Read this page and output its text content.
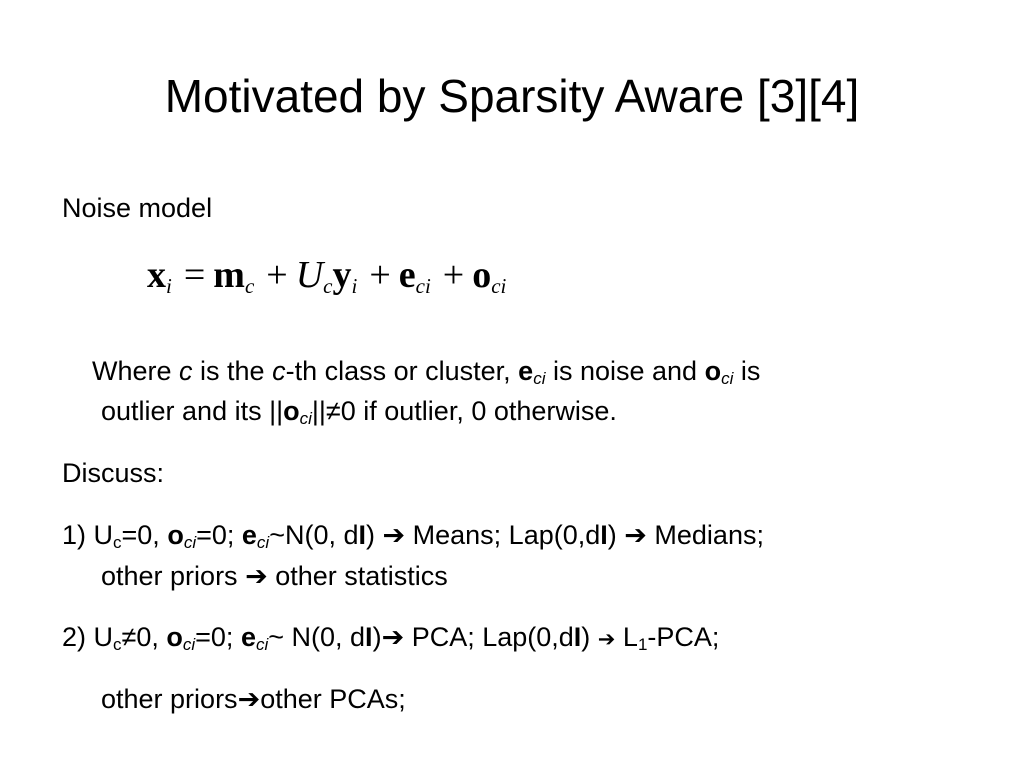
Motivated by Sparsity Aware [3][4]
Noise model
$x_i = m_c + U_cy_i + e_{ci} + o_{ci}$
Where c is the c-th class or cluster, $e_{ci}$ is noise and $o_{ci}$ is
outlier and its $||o_{ci}||\ne 0$ if outlier, 0 otherwise.
Discuss:
1) $U_c=0$, $o_{ci}=0$; $e_{ci}\sim N(0$, dI) ➔ Means; Lap(0,dI) ➔ Medians;
other priors ➔ other statistics
2) $U_c\ne 0$, $o_{ci}=0$; $e_{ci}\sim$ N(0, dI)➔ PCA; Lap(0,dI) ➔ $L_1$-PCA;
other priors➔other PCAs;
